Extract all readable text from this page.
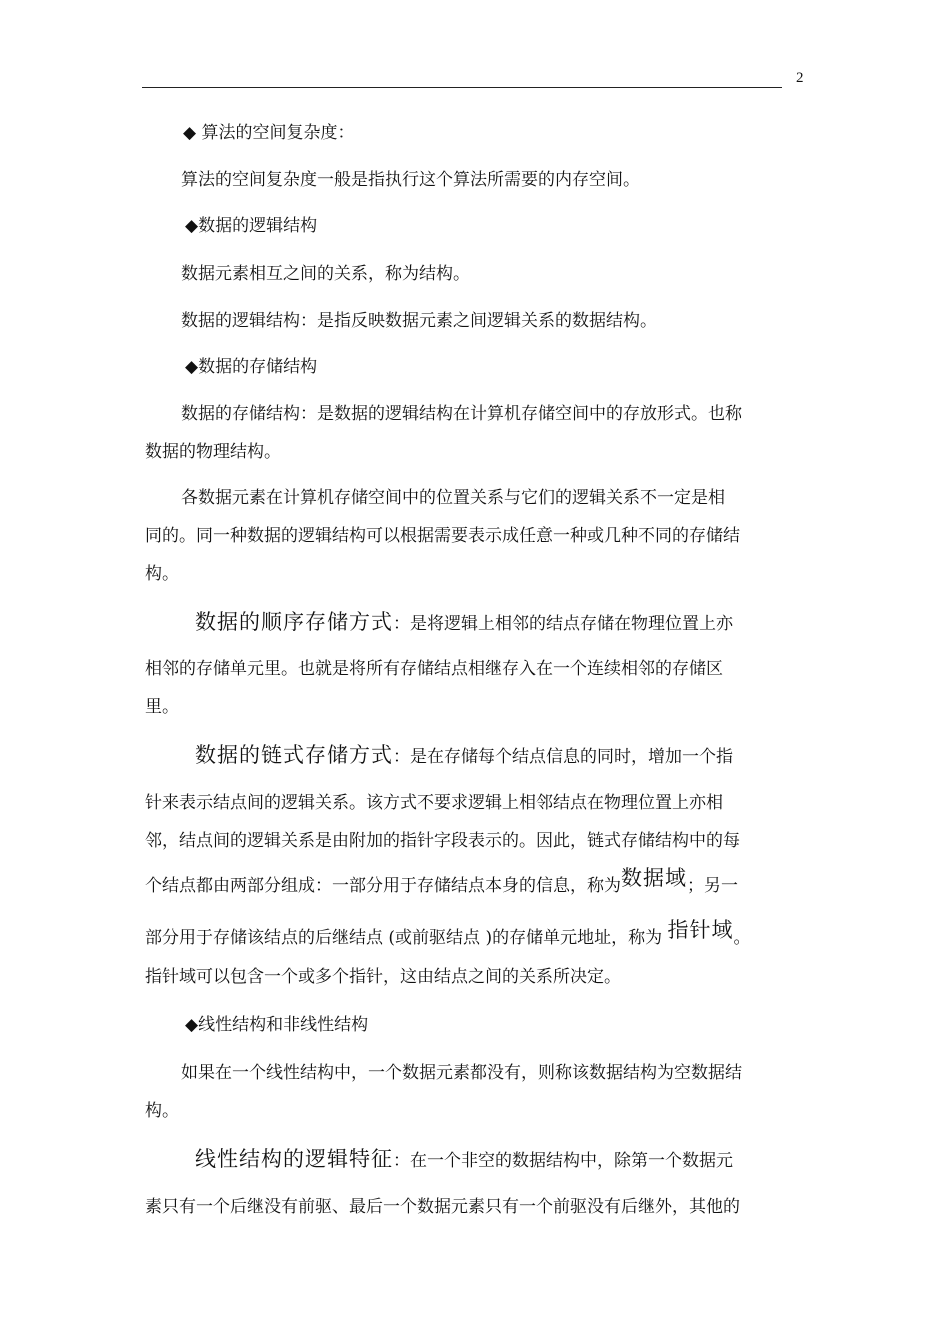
2
◆ 算法的空间复杂度：
算法的空间复杂度一般是指执行这个算法所需要的内存空间。
◆数据的逻辑结构
数据元素相互之间的关系，称为结构。
数据的逻辑结构：是指反映数据元素之间逻辑关系的数据结构。
◆数据的存储结构
数据的存储结构：是数据的逻辑结构在计算机存储空间中的存放形式。也称
数据的物理结构。
各数据元素在计算机存储空间中的位置关系与它们的逻辑关系不一定是相
同的。同一种数据的逻辑结构可以根据需要表示成任意一种或几种不同的存储结
构。
数据的顺序存储方式：是将逻辑上相邻的结点存储在物理位置上亦
相邻的存储单元里。也就是将所有存储结点相继存入在一个连续相邻的存储区
里。
数据的链式存储方式：是在存储每个结点信息的同时，增加一个指
针来表示结点间的逻辑关系。该方式不要求逻辑上相邻结点在物理位置上亦相
邻，结点间的逻辑关系是由附加的指针字段表示的。因此，链式存储结构中的每
个结点都由两部分组成：一部分用于存储结点本身的信息，称为数据域；另一
部分用于存储该结点的后继结点 (或前驱结点 )的存储单元地址，称为 指针域。
指针域可以包含一个或多个指针，这由结点之间的关系所决定。
◆线性结构和非线性结构
如果在一个线性结构中，一个数据元素都没有，则称该数据结构为空数据结
构。
线性结构的逻辑特征：在一个非空的数据结构中，除第一个数据元
素只有一个后继没有前驱、最后一个数据元素只有一个前驱没有后继外，其他的
